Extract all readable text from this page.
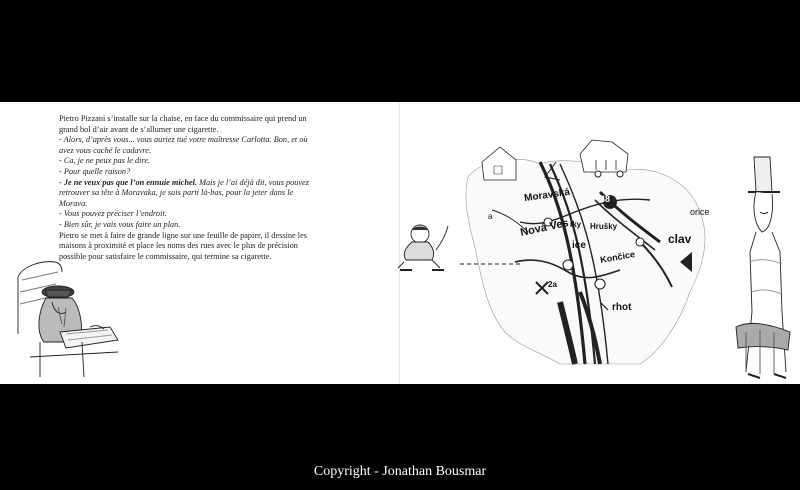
Pietro Pizzani s’installe sur la chaise, en face du commissaire qui prend un grand bol d’air avant de s’allumer une cigarette.

- Alors, d’après vous... vous auriez tué votre maîtresse Carlotta. Bon, et où avez vous caché le cadavre.

- Ca, je ne peux pas le dire.

- Pour quelle raison?

- Je ne veux pas que l’on ennuie michel. Mais je l’ai déjà dit, vous pouvez retrouver sa tête à Moravaka, je suis parti là-bas, pour la jeter dans le Morava.

- Vous pouvez préciser l’endroit.

- Bien sûr, je vais vous faire un plan.

Pietro se met à faire de grande ligne sur une feuille de papier, il dessine les maisons à proximité et place les noms des rues avec le plus de précision possible pour satisfaire le commissaire, qui termine sa cigarette.

Moravská
Nová Ves
48
Hrušky
lky
ice
Končice
rhot
clav
orice
2a
a
Copyright - Jonathan Bousmar
